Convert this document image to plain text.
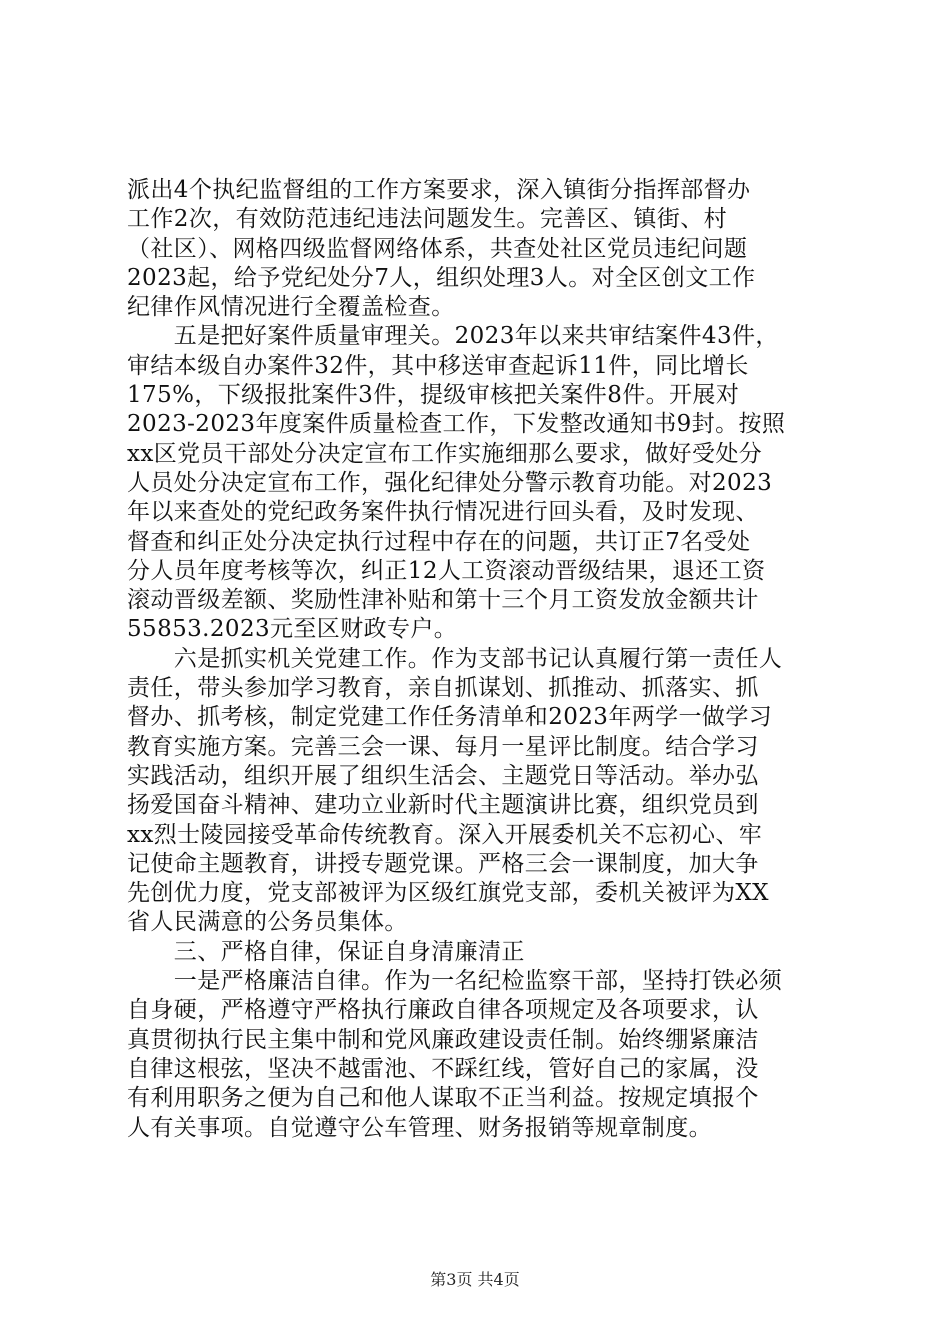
派出4个执纪监督组的工作方案要求，深入镇街分指挥部督办
工作2次，有效防范违纪违法问题发生。完善区、镇街、村
（社区）、网格四级监督网络体系，共查处社区党员违纪问题
2023起，给予党纪处分7人，组织处理3人。对全区创文工作
纪律作风情况进行全覆盖检查。
　　五是把好案件质量审理关。2023年以来共审结案件43件，
审结本级自办案件32件，其中移送审查起诉11件，同比增长
175%，下级报批案件3件，提级审核把关案件8件。开展对
2023-2023年度案件质量检查工作，下发整改通知书9封。按照
xx区党员干部处分决定宣布工作实施细那么要求，做好受处分
人员处分决定宣布工作，强化纪律处分警示教育功能。对2023
年以来查处的党纪政务案件执行情况进行回头看，及时发现、
督查和纠正处分决定执行过程中存在的问题，共订正7名受处
分人员年度考核等次，纠正12人工资滚动晋级结果，退还工资
滚动晋级差额、奖励性津补贴和第十三个月工资发放金额共计
55853.2023元至区财政专户。
　　六是抓实机关党建工作。作为支部书记认真履行第一责任人
责任，带头参加学习教育，亲自抓谋划、抓推动、抓落实、抓
督办、抓考核，制定党建工作任务清单和2023年两学一做学习
教育实施方案。完善三会一课、每月一星评比制度。结合学习
实践活动，组织开展了组织生活会、主题党日等活动。举办弘
扬爱国奋斗精神、建功立业新时代主题演讲比赛，组织党员到
xx烈士陵园接受革命传统教育。深入开展委机关不忘初心、牢
记使命主题教育，讲授专题党课。严格三会一课制度，加大争
先创优力度，党支部被评为区级红旗党支部，委机关被评为XX
省人民满意的公务员集体。
　　三、严格自律，保证自身清廉清正
　　一是严格廉洁自律。作为一名纪检监察干部，坚持打铁必须
自身硬，严格遵守严格执行廉政自律各项规定及各项要求，认
真贯彻执行民主集中制和党风廉政建设责任制。始终绷紧廉洁
自律这根弦，坚决不越雷池、不踩红线，管好自己的家属，没
有利用职务之便为自己和他人谋取不正当利益。按规定填报个
人有关事项。自觉遵守公车管理、财务报销等规章制度。
第3页 共4页
